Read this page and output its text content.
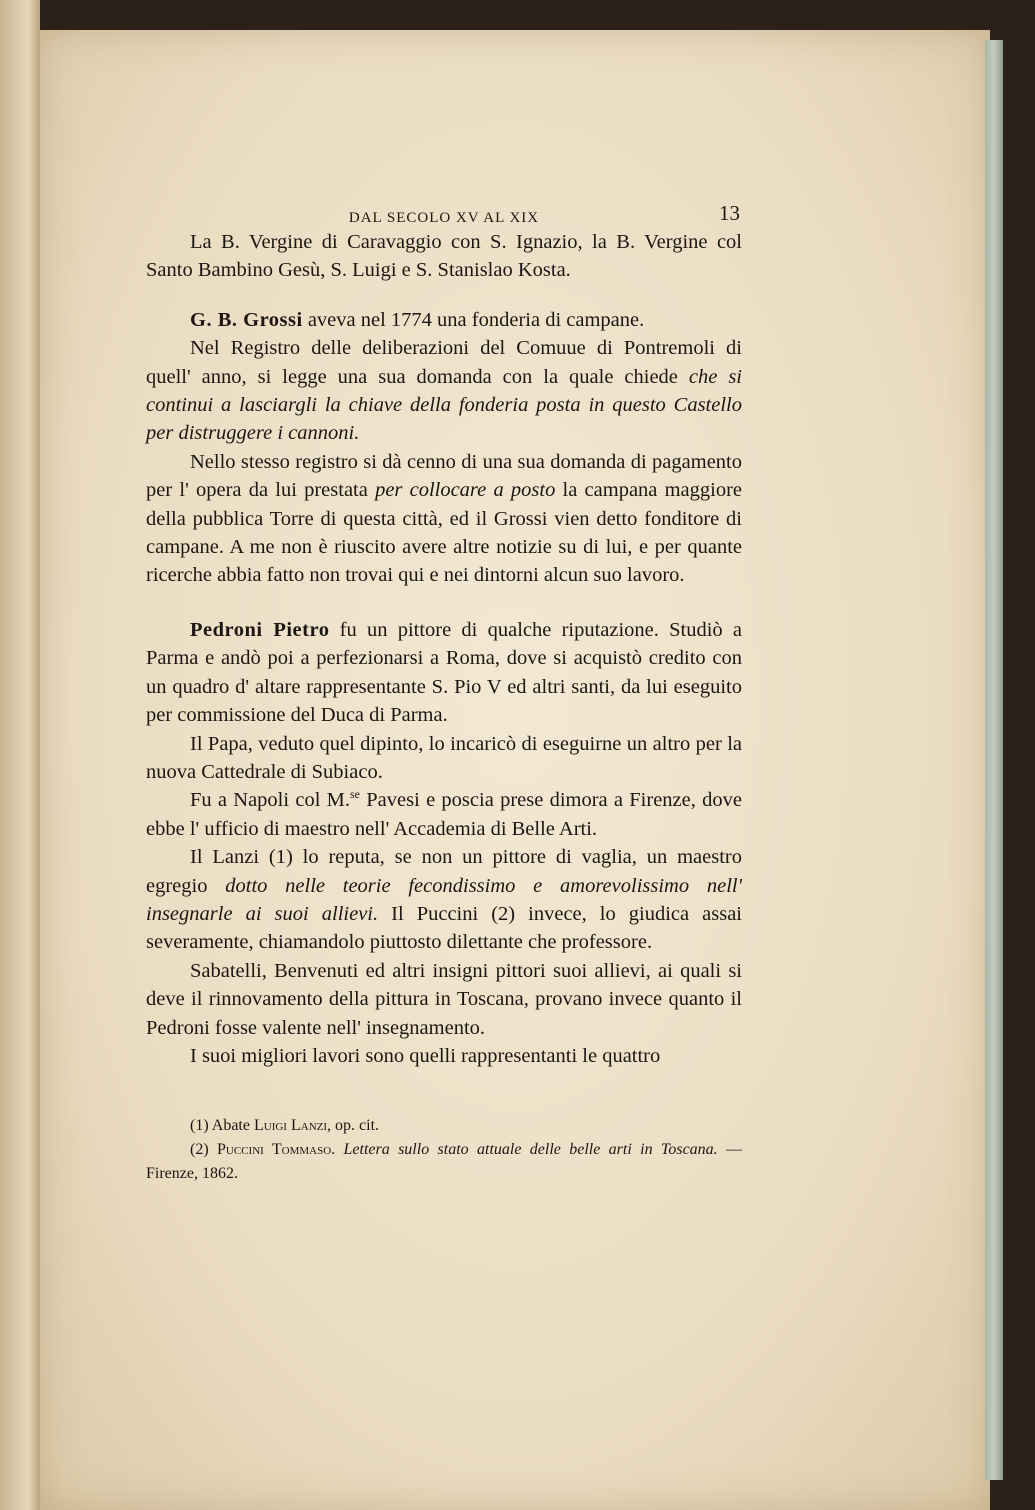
DAL SECOLO XV AL XIX	13

La B. Vergine di Caravaggio con S. Ignazio, la B. Vergine col Santo Bambino Gesù, S. Luigi e S. Stanislao Kosta.

G. B. Grossi aveva nel 1774 una fonderia di campane.

Nel Registro delle deliberazioni del Comuue di Pontremoli di quell' anno, si legge una sua domanda con la quale chiede che si continui a lasciargli la chiave della fonderia posta in questo Castello per distruggere i cannoni.

Nello stesso registro si dà cenno di una sua domanda di pagamento per l' opera da lui prestata per collocare a posto la campana maggiore della pubblica Torre di questa città, ed il Grossi vien detto fonditore di campane. A me non è riuscito avere altre notizie su di lui, e per quante ricerche abbia fatto non trovai qui e nei dintorni alcun suo lavoro.

Pedroni Pietro fu un pittore di qualche riputazione. Studiò a Parma e andò poi a perfezionarsi a Roma, dove si acquistò credito con un quadro d' altare rappresentante S. Pio V ed altri santi, da lui eseguito per commissione del Duca di Parma.

Il Papa, veduto quel dipinto, lo incaricò di eseguirne un altro per la nuova Cattedrale di Subiaco.

Fu a Napoli col M.$^{se}$ Pavesi e poscia prese dimora a Firenze, dove ebbe l' ufficio di maestro nell' Accademia di Belle Arti.

Il Lanzi (1) lo reputa, se non un pittore di vaglia, un maestro egregio dotto nelle teorie fecondissimo e amorevolissimo nell' insegnarle ai suoi allievi. Il Puccini (2) invece, lo giudica assai severamente, chiamandolo piuttosto dilettante che professore.

Sabatelli, Benvenuti ed altri insigni pittori suoi allievi, ai quali si deve il rinnovamento della pittura in Toscana, provano invece quanto il Pedroni fosse valente nell' insegnamento.

I suoi migliori lavori sono quelli rappresentanti le quattro

(1) Abate Luigi Lanzi, op. cit.

(2) Puccini Tommaso. Lettera sullo stato attuale delle belle arti in Toscana. — Firenze, 1862.
